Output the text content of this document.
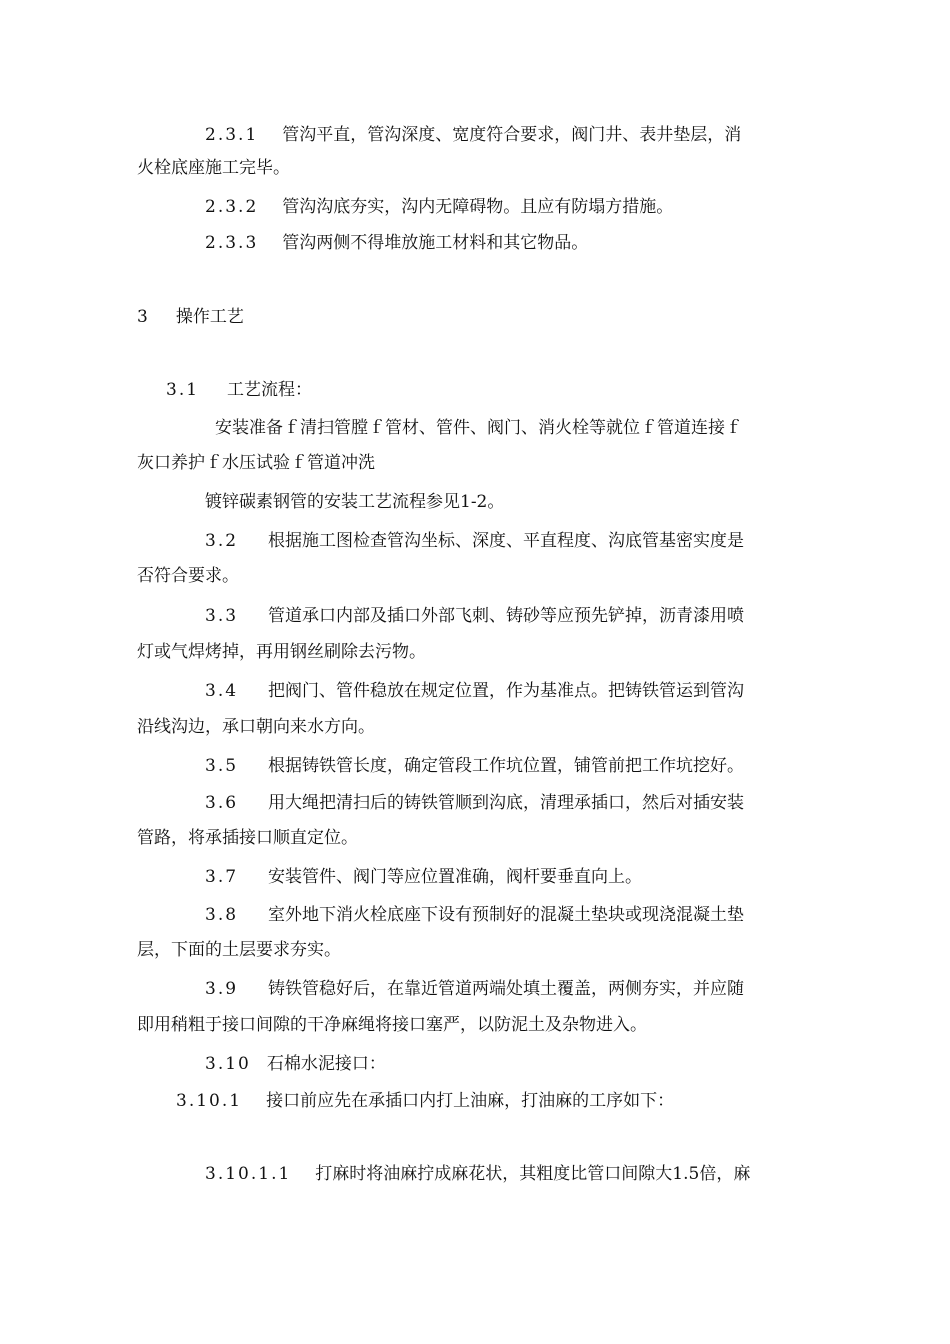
2.3.1 管沟平直，管沟深度、宽度符合要求，阀门井、表井垫层，消

火栓底座施工完毕。

2.3.2 管沟沟底夯实，沟内无障碍物。且应有防塌方措施。

2.3.3 管沟两侧不得堆放施工材料和其它物品。

3 操作工艺

3.1 工艺流程：

安装准备ｆ清扫管膛ｆ管材、管件、阀门、消火栓等就位ｆ管道连接ｆ

灰口养护ｆ水压试验ｆ管道冲洗

镀锌碳素钢管的安装工艺流程参见1-2。

3.2 根据施工图检查管沟坐标、深度、平直程度、沟底管基密实度是

否符合要求。

3.3 管道承口内部及插口外部飞刺、铸砂等应预先铲掉，沥青漆用喷

灯或气焊烤掉，再用钢丝刷除去污物。

3.4 把阀门、管件稳放在规定位置，作为基准点。把铸铁管运到管沟

沿线沟边，承口朝向来水方向。

3.5 根据铸铁管长度，确定管段工作坑位置，铺管前把工作坑挖好。

3.6 用大绳把清扫后的铸铁管顺到沟底，清理承插口，然后对插安装

管路，将承插接口顺直定位。

3.7 安装管件、阀门等应位置准确，阀杆要垂直向上。

3.8 室外地下消火栓底座下设有预制好的混凝土垫块或现浇混凝土垫

层，下面的土层要求夯实。

3.9 铸铁管稳好后，在靠近管道两端处填土覆盖，两侧夯实，并应随

即用稍粗于接口间隙的干净麻绳将接口塞严，以防泥土及杂物进入。

3.10 石棉水泥接口：

3.10.1 接口前应先在承插口内打上油麻，打油麻的工序如下：

3.10.1.1 打麻时将油麻拧成麻花状，其粗度比管口间隙大1.5倍，麻
